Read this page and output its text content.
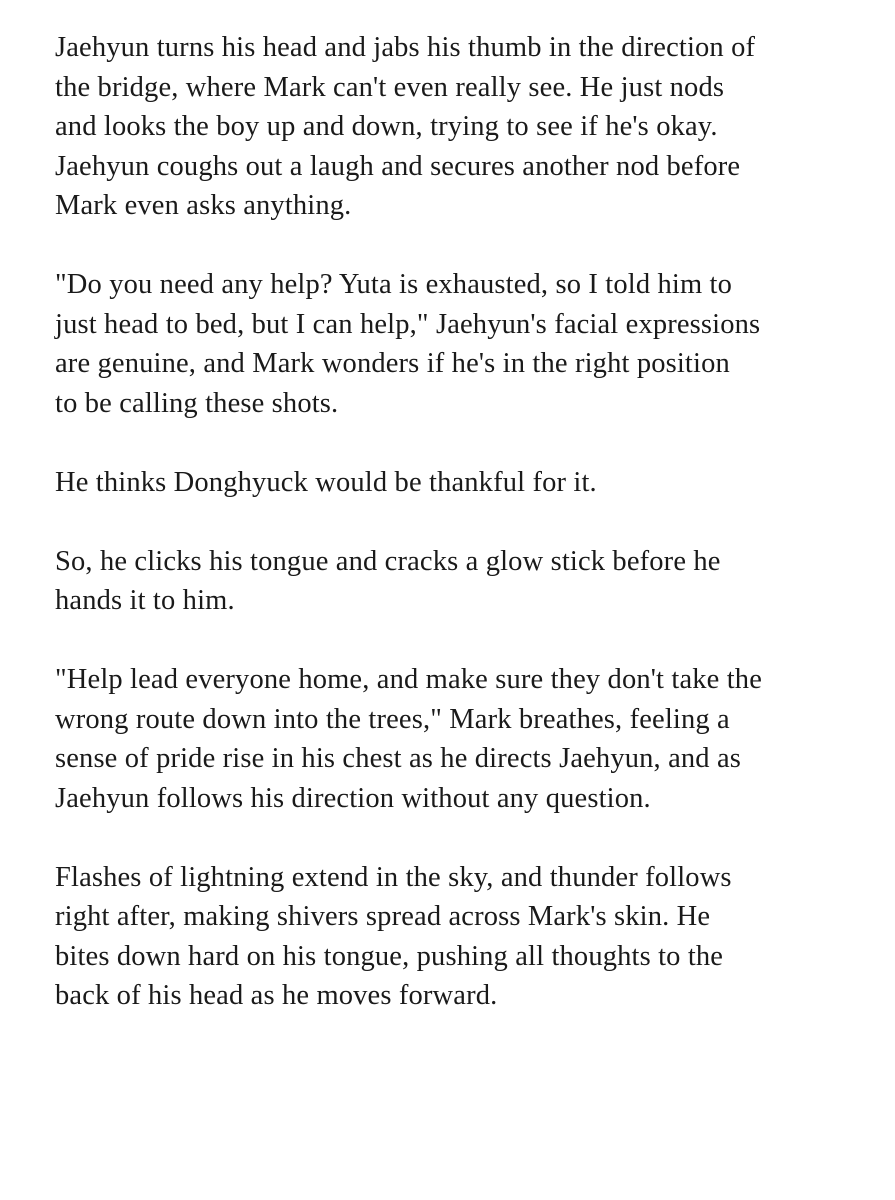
Jaehyun turns his head and jabs his thumb in the direction of
the bridge, where Mark can't even really see. He just nods
and looks the boy up and down, trying to see if he's okay.
Jaehyun coughs out a laugh and secures another nod before
Mark even asks anything.

"Do you need any help? Yuta is exhausted, so I told him to
just head to bed, but I can help," Jaehyun's facial expressions
are genuine, and Mark wonders if he's in the right position
to be calling these shots.

He thinks Donghyuck would be thankful for it.

So, he clicks his tongue and cracks a glow stick before he
hands it to him.

"Help lead everyone home, and make sure they don't take the
wrong route down into the trees," Mark breathes, feeling a
sense of pride rise in his chest as he directs Jaehyun, and as
Jaehyun follows his direction without any question.

Flashes of lightning extend in the sky, and thunder follows
right after, making shivers spread across Mark's skin. He
bites down hard on his tongue, pushing all thoughts to the
back of his head as he moves forward.
